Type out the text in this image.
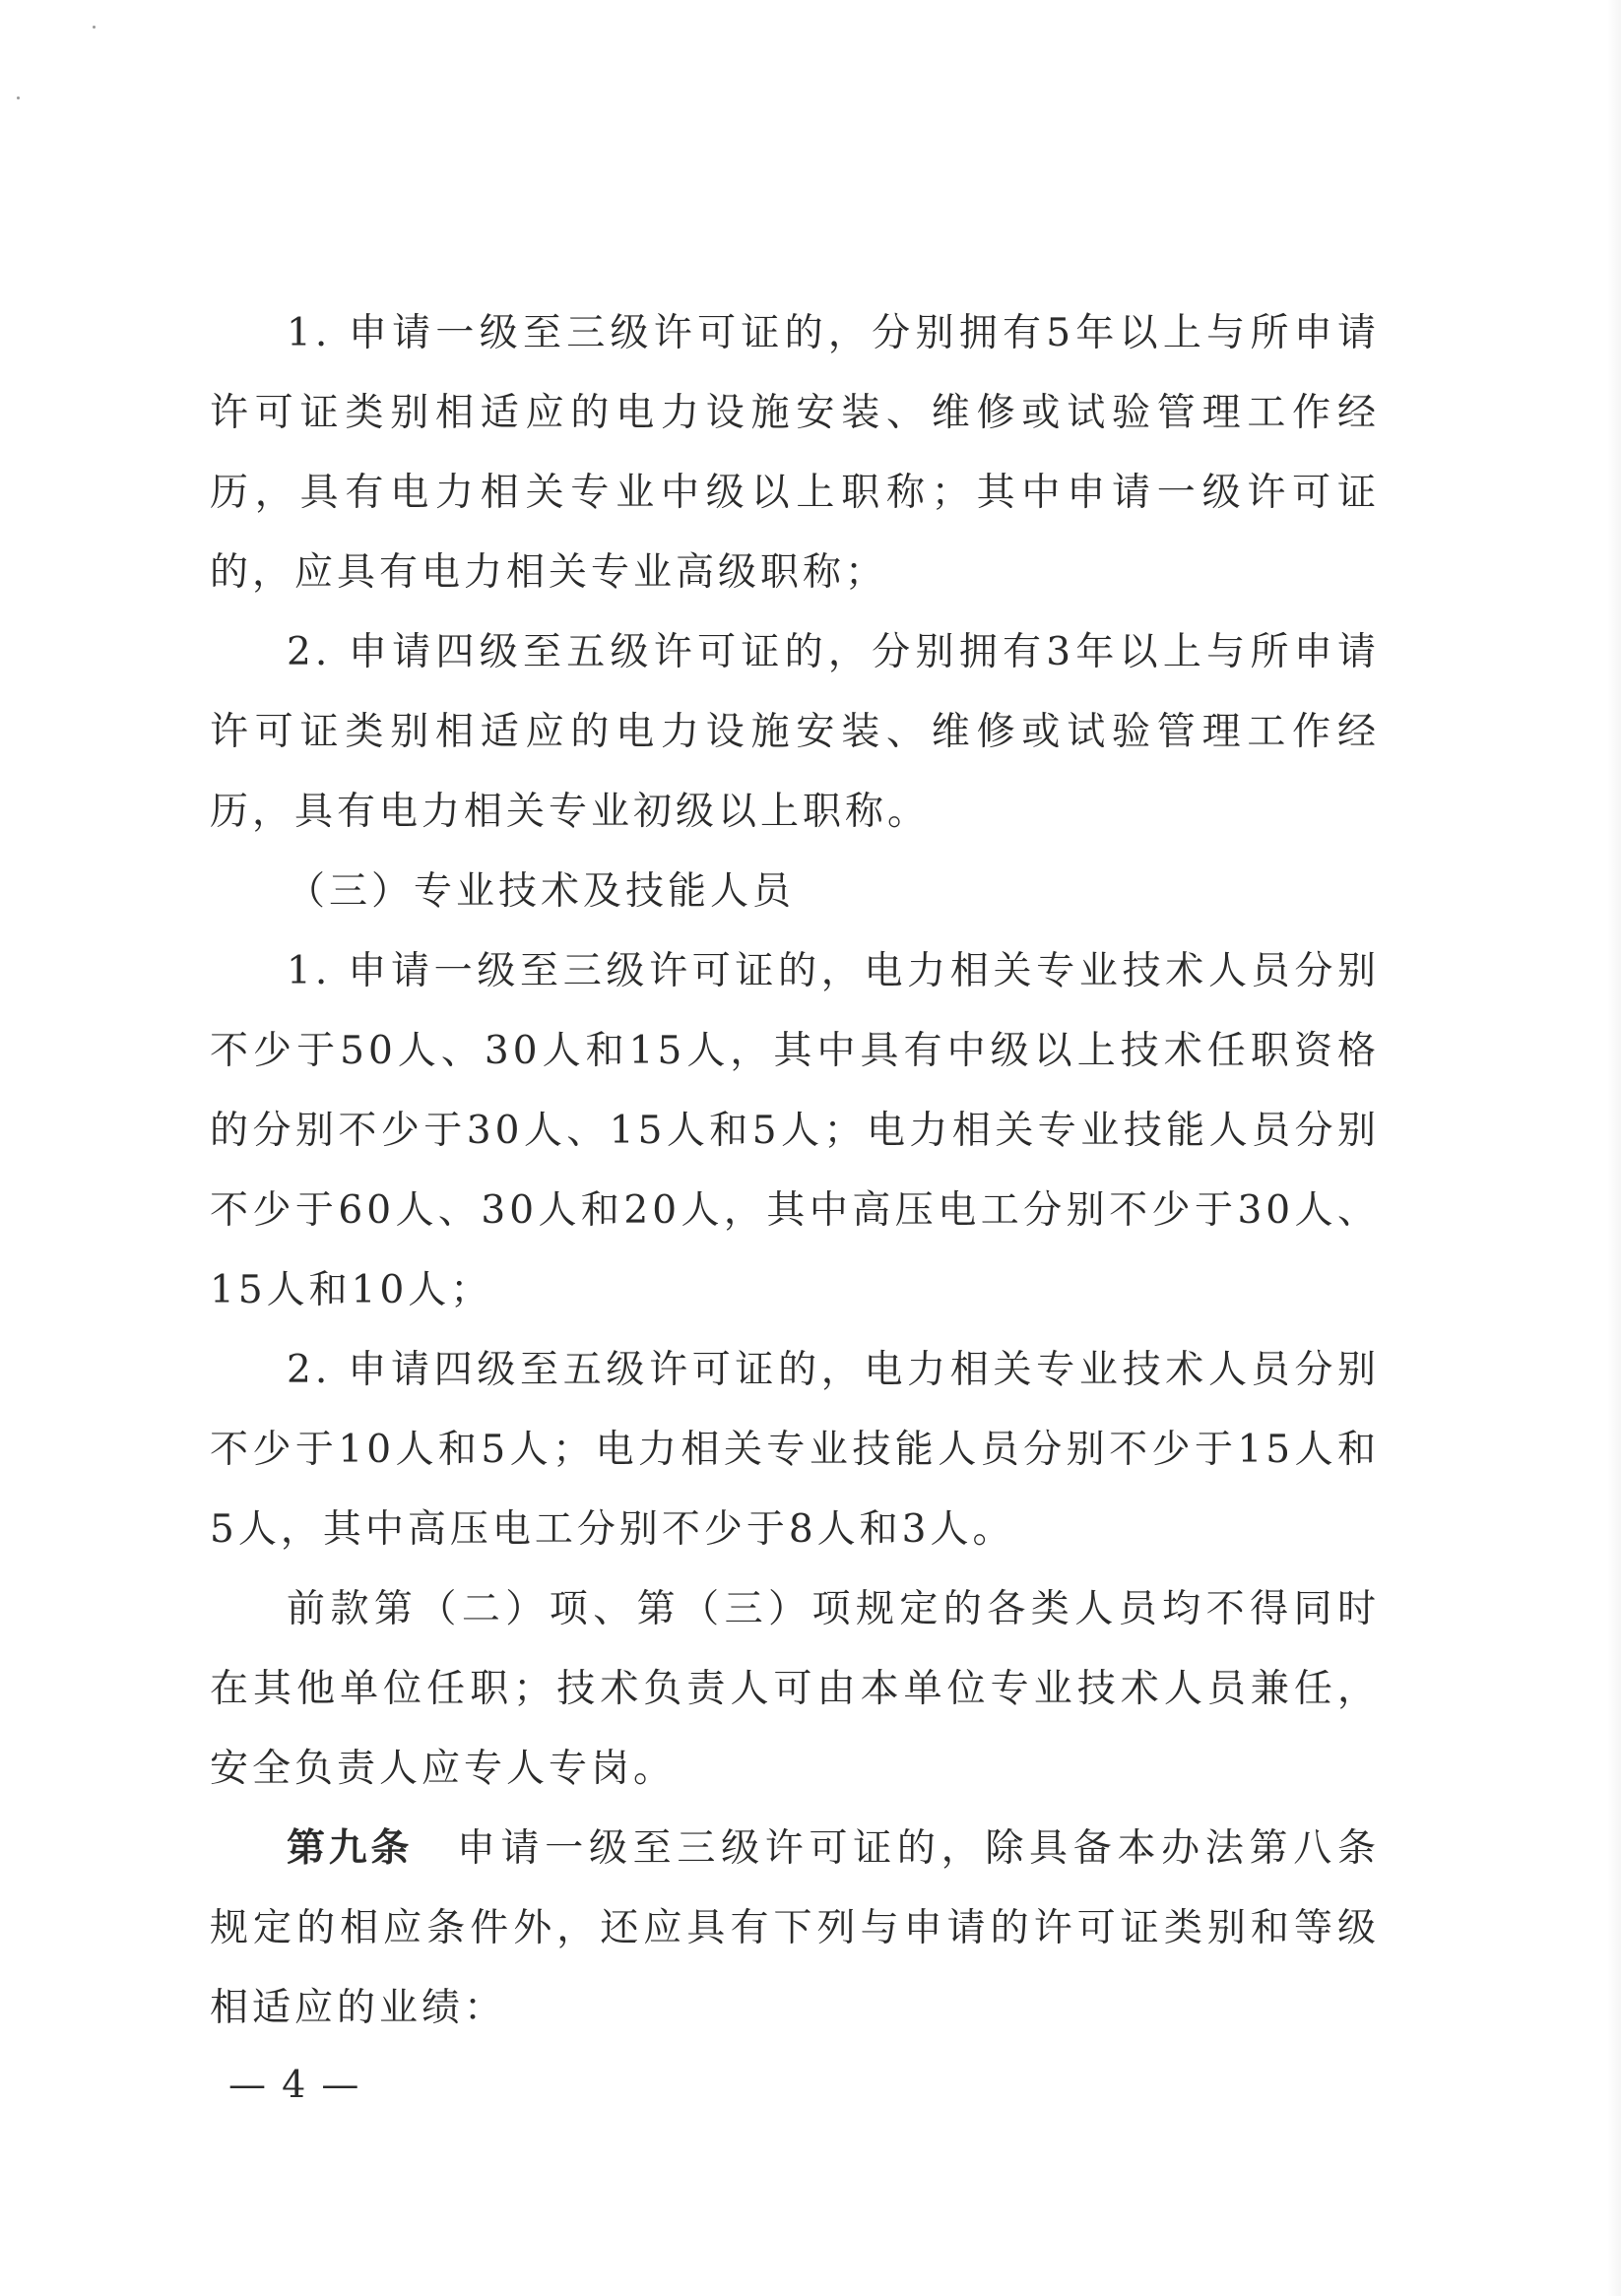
1. 申请一级至三级许可证的，分别拥有5年以上与所申请许可证类别相适应的电力设施安装、维修或试验管理工作经历，具有电力相关专业中级以上职称；其中申请一级许可证的，应具有电力相关专业高级职称；

2. 申请四级至五级许可证的，分别拥有3年以上与所申请许可证类别相适应的电力设施安装、维修或试验管理工作经历，具有电力相关专业初级以上职称。

（三）专业技术及技能人员

1. 申请一级至三级许可证的，电力相关专业技术人员分别不少于50人、30人和15人，其中具有中级以上技术任职资格的分别不少于30人、15人和5人；电力相关专业技能人员分别不少于60人、30人和20人，其中高压电工分别不少于30人、15人和10人；

2. 申请四级至五级许可证的，电力相关专业技术人员分别不少于10人和5人；电力相关专业技能人员分别不少于15人和5人，其中高压电工分别不少于8人和3人。

前款第（二）项、第（三）项规定的各类人员均不得同时在其他单位任职；技术负责人可由本单位专业技术人员兼任，安全负责人应专人专岗。

第九条  申请一级至三级许可证的，除具备本办法第八条规定的相应条件外，还应具有下列与申请的许可证类别和等级相适应的业绩：

— 4 —
